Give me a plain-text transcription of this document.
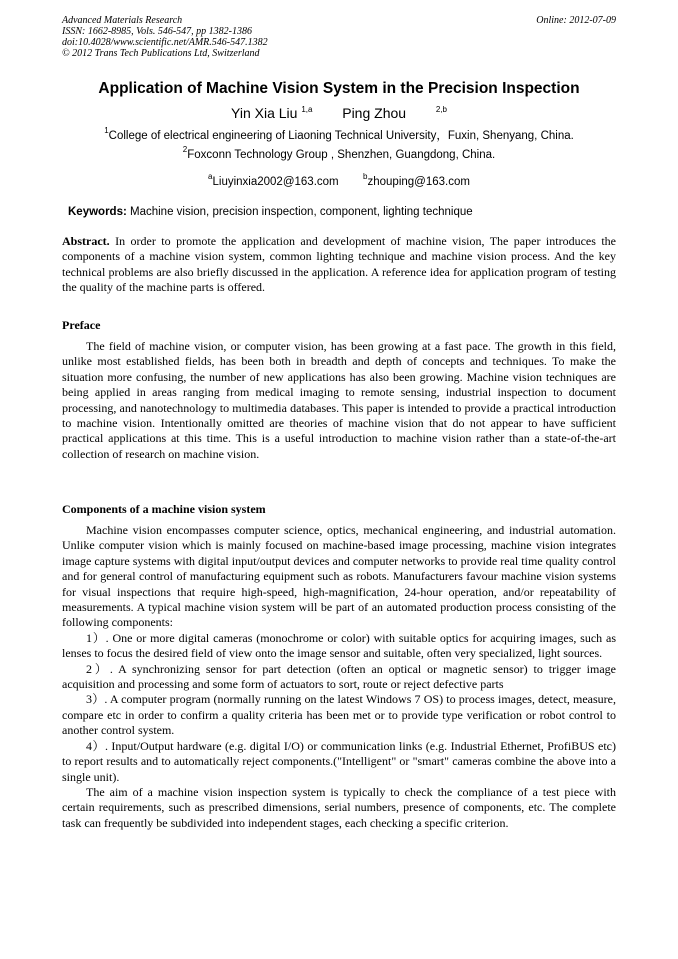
Advanced Materials Research
ISSN: 1662-8985, Vols. 546-547, pp 1382-1386
doi:10.4028/www.scientific.net/AMR.546-547.1382
© 2012 Trans Tech Publications Ltd, Switzerland
Online: 2012-07-09
Application of Machine Vision System in the Precision Inspection
Yin Xia Liu $^{1,a}$ Ping Zhou	$^{2,b}$
$^1$College of electrical engineering of Liaoning Technical University，Fuxin, Shenyang, China.
$^2$Foxconn Technology Group , Shenzhen, Guangdong, China.
$^a$Liuyinxia2002@163.com	$^b$zhouping@163.com
Keywords: Machine vision, precision inspection, component, lighting technique
Abstract. In order to promote the application and development of machine vision, The paper introduces the components of a machine vision system, common lighting technique and machine vision process. And the key technical problems are also briefly discussed in the application. A reference idea for application program of testing the quality of the machine parts is offered.
Preface

The field of machine vision, or computer vision, has been growing at a fast pace. The growth in this field, unlike most established fields, has been both in breadth and depth of concepts and techniques. To make the situation more confusing, the number of new applications has also been growing. Machine vision techniques are being applied in areas ranging from medical imaging to remote sensing, industrial inspection to document processing, and nanotechnology to multimedia databases. This paper is intended to provide a practical introduction to machine vision. Intentionally omitted are theories of machine vision that do not appear to have sufficient practical applications at this time. This is a useful introduction to machine vision rather than a state-of-the-art collection of research on machine vision.

Components of a machine vision system

Machine vision encompasses computer science, optics, mechanical engineering, and industrial automation. Unlike computer vision which is mainly focused on machine-based image processing, machine vision integrates image capture systems with digital input/output devices and computer networks to provide real time quality control and for general control of manufacturing equipment such as robots. Manufacturers favour machine vision systems for visual inspections that require high-speed, high-magnification, 24-hour operation, and/or repeatability of measurements. A typical machine vision system will be part of an automated production process consisting of the following components:

1）. One or more digital cameras (monochrome or color) with suitable optics for acquiring images, such as lenses to focus the desired field of view onto the image sensor and suitable, often very specialized, light sources.

2）. A synchronizing sensor for part detection (often an optical or magnetic sensor) to trigger image acquisition and processing and some form of actuators to sort, route or reject defective parts

3）. A computer program (normally running on the latest Windows 7 OS) to process images, detect, measure, compare etc in order to confirm a quality criteria has been met or to provide type verification or robot control to another control system.

4）. Input/Output hardware (e.g. digital I/O) or communication links (e.g. Industrial Ethernet, ProfiBUS etc) to report results and to automatically reject components.("Intelligent" or "smart" cameras combine the above into a single unit).

The aim of a machine vision inspection system is typically to check the compliance of a test piece with certain requirements, such as prescribed dimensions, serial numbers, presence of components, etc. The complete task can frequently be subdivided into independent stages, each checking a specific criterion.
